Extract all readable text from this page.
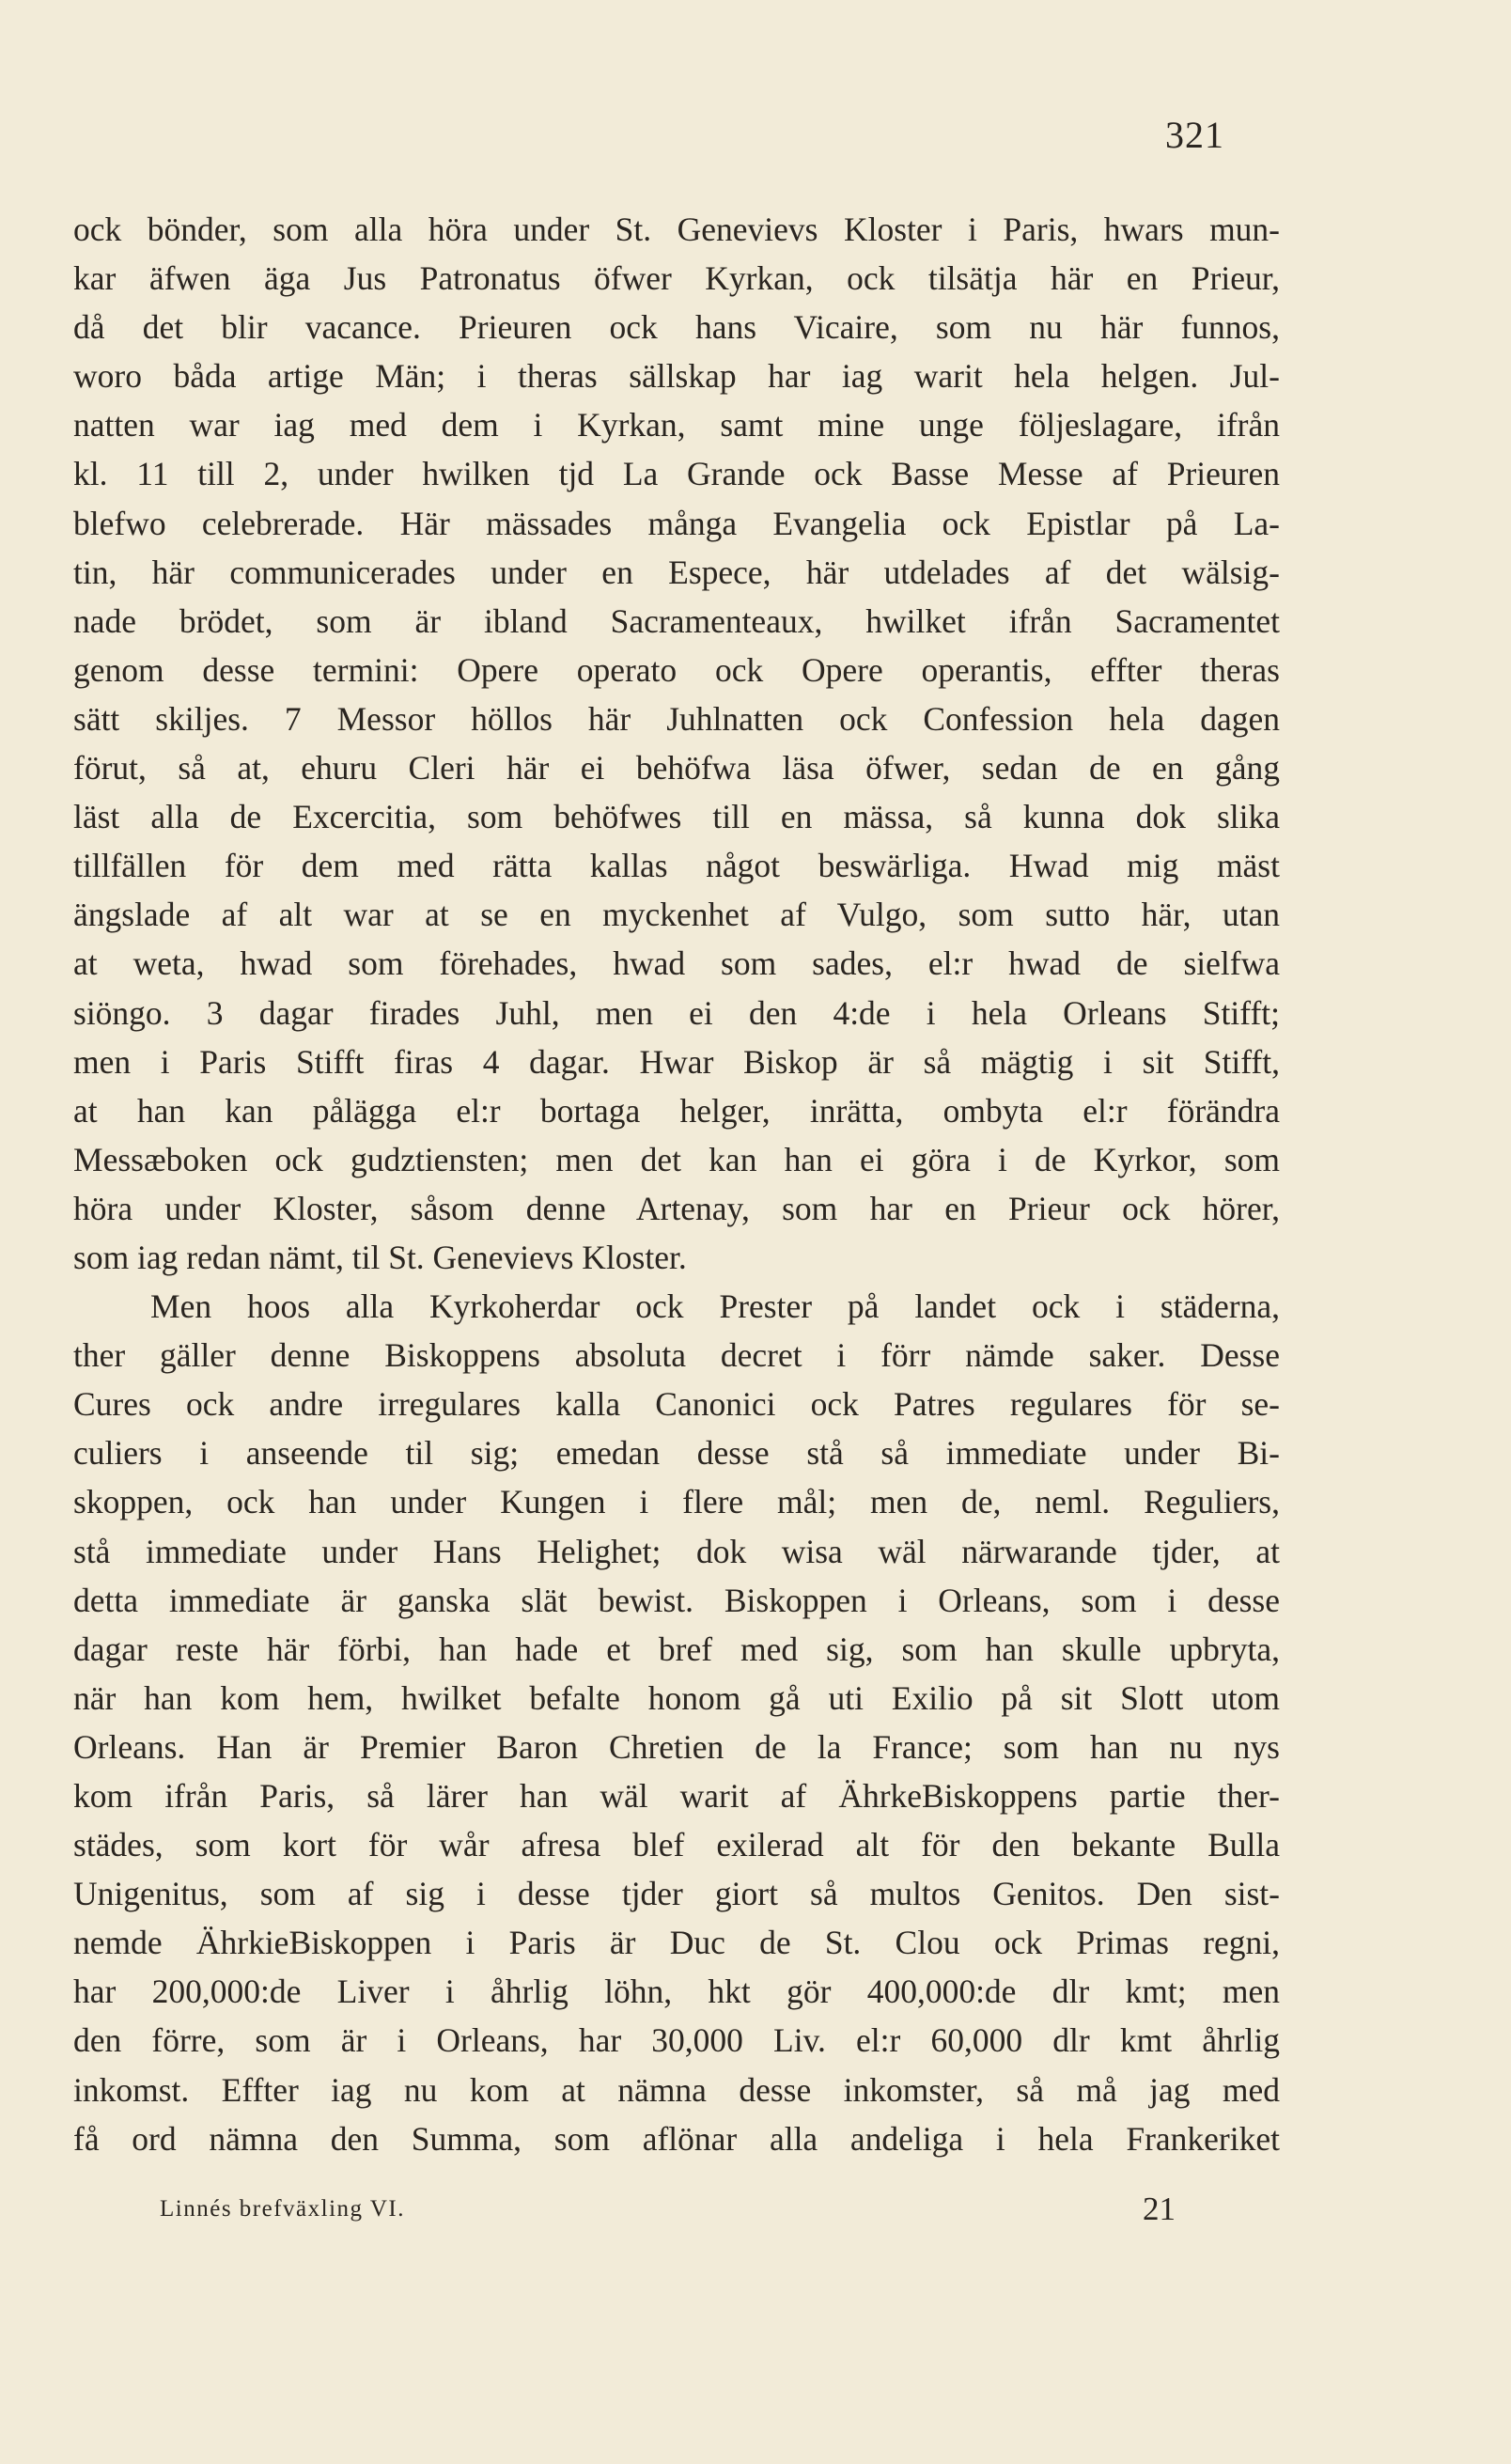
321
ock bönder, som alla höra under St. Genevievs Kloster i Paris, hwars mun-
kar äfwen äga Jus Patronatus öfwer Kyrkan, ock tilsätja här en Prieur,
då det blir vacance. Prieuren ock hans Vicaire, som nu här funnos,
woro båda artige Män; i theras sällskap har iag warit hela helgen. Jul-
natten war iag med dem i Kyrkan, samt mine unge följeslagare, ifrån
kl. 11 till 2, under hwilken tjd La Grande ock Basse Messe af Prieuren
blefwo celebrerade. Här mässades många Evangelia ock Epistlar på La-
tin, här communicerades under en Espece, här utdelades af det wälsig-
nade brödet, som är ibland Sacramenteaux, hwilket ifrån Sacramentet
genom desse termini: Opere operato ock Opere operantis, effter theras
sätt skiljes. 7 Messor höllos här Juhlnatten ock Confession hela dagen
förut, så at, ehuru Cleri här ei behöfwa läsa öfwer, sedan de en gång
läst alla de Excercitia, som behöfwes till en mässa, så kunna dok slika
tillfällen för dem med rätta kallas något beswärliga. Hwad mig mäst
ängslade af alt war at se en myckenhet af Vulgo, som sutto här, utan
at weta, hwad som förehades, hwad som sades, el:r hwad de sielfwa
siöngo. 3 dagar firades Juhl, men ei den 4:de i hela Orleans Stifft;
men i Paris Stifft firas 4 dagar. Hwar Biskop är så mägtig i sit Stifft,
at han kan pålägga el:r bortaga helger, inrätta, ombyta el:r förändra
Messæboken ock gudztiensten; men det kan han ei göra i de Kyrkor, som
höra under Kloster, såsom denne Artenay, som har en Prieur ock hörer,
som iag redan nämt, til St. Genevievs Kloster.
Men hoos alla Kyrkoherdar ock Prester på landet ock i städerna,
ther gäller denne Biskoppens absoluta decret i förr nämde saker. Desse
Cures ock andre irregulares kalla Canonici ock Patres regulares för se-
culiers i anseende til sig; emedan desse stå så immediate under Bi-
skoppen, ock han under Kungen i flere mål; men de, neml. Reguliers,
stå immediate under Hans Helighet; dok wisa wäl närwarande tjder, at
detta immediate är ganska slät bewist. Biskoppen i Orleans, som i desse
dagar reste här förbi, han hade et bref med sig, som han skulle upbryta,
när han kom hem, hwilket befalte honom gå uti Exilio på sit Slott utom
Orleans. Han är Premier Baron Chretien de la France; som han nu nys
kom ifrån Paris, så lärer han wäl warit af ÄhrkeBiskoppens partie ther-
städes, som kort för wår afresa blef exilerad alt för den bekante Bulla
Unigenitus, som af sig i desse tjder giort så multos Genitos. Den sist-
nemde ÄhrkieBiskoppen i Paris är Duc de St. Clou ock Primas regni,
har 200,000:de Liver i åhrlig löhn, hkt gör 400,000:de dlr kmt; men
den förre, som är i Orleans, har 30,000 Liv. el:r 60,000 dlr kmt åhrlig
inkomst. Effter iag nu kom at nämna desse inkomster, så må jag med
få ord nämna den Summa, som aflönar alla andeliga i hela Frankeriket
Linnés brefväxling VI.	21
